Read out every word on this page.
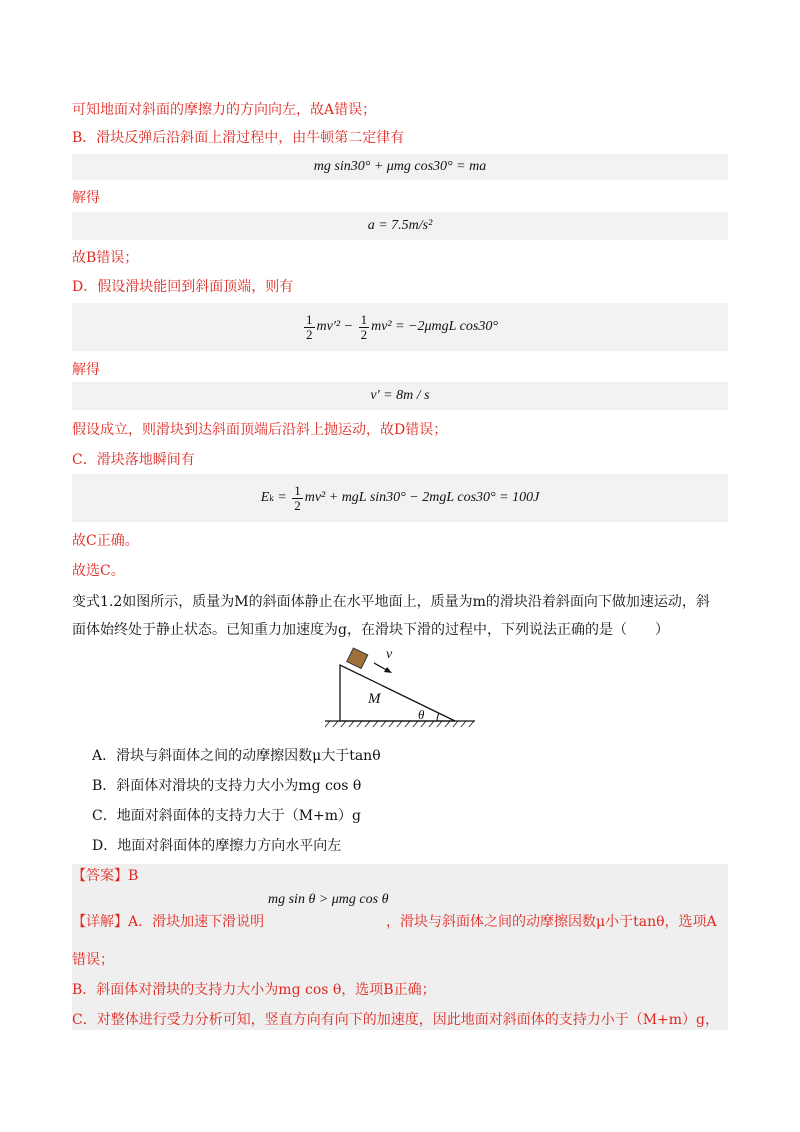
可知地面对斜面的摩擦力的方向向左，故A错误；
B．滑块反弹后沿斜面上滑过程中，由牛顿第二定律有
mg sin30° + μmg cos30° = ma
解得
a = 7.5m/s²
故B错误；
D．假设滑块能回到斜面顶端，则有
$\frac{1}{2} mv'^2 - \frac{1}{2} mv^2 = -2\mu mgL$ cos30°
解得
v′ = 8m / s
假设成立，则滑块到达斜面顶端后沿斜上抛运动，故D错误；
C．滑块落地瞬间有
E $k = \frac{1}{2} mv^2$ + mgL sin30° − 2mgL cos30° = 100J
故C正确。
故选C。
变式1.2如图所示，质量为M的斜面体静止在水平地面上，质量为m的滑块沿着斜面向下做加速运动，斜
面体始终处于静止状态。已知重力加速度为g，在滑块下滑的过程中，下列说法正确的是（　　）
v
M
θ
A．滑块与斜面体之间的动摩擦因数μ大于tanθ
B．斜面体对滑块的支持力大小为mg cos θ
C．地面对斜面体的支持力大于（M+m）g
D．地面对斜面体的摩擦力方向水平向左
【答案】B
mg sin θ > μmg cos θ
【详解】A．滑块加速下滑说明	，滑块与斜面体之间的动摩擦因数μ小于tanθ，选项A
错误；
B．斜面体对滑块的支持力大小为mg cos θ，选项B正确；
C．对整体进行受力分析可知，竖直方向有向下的加速度，因此地面对斜面体的支持力小于（M+m）g，
